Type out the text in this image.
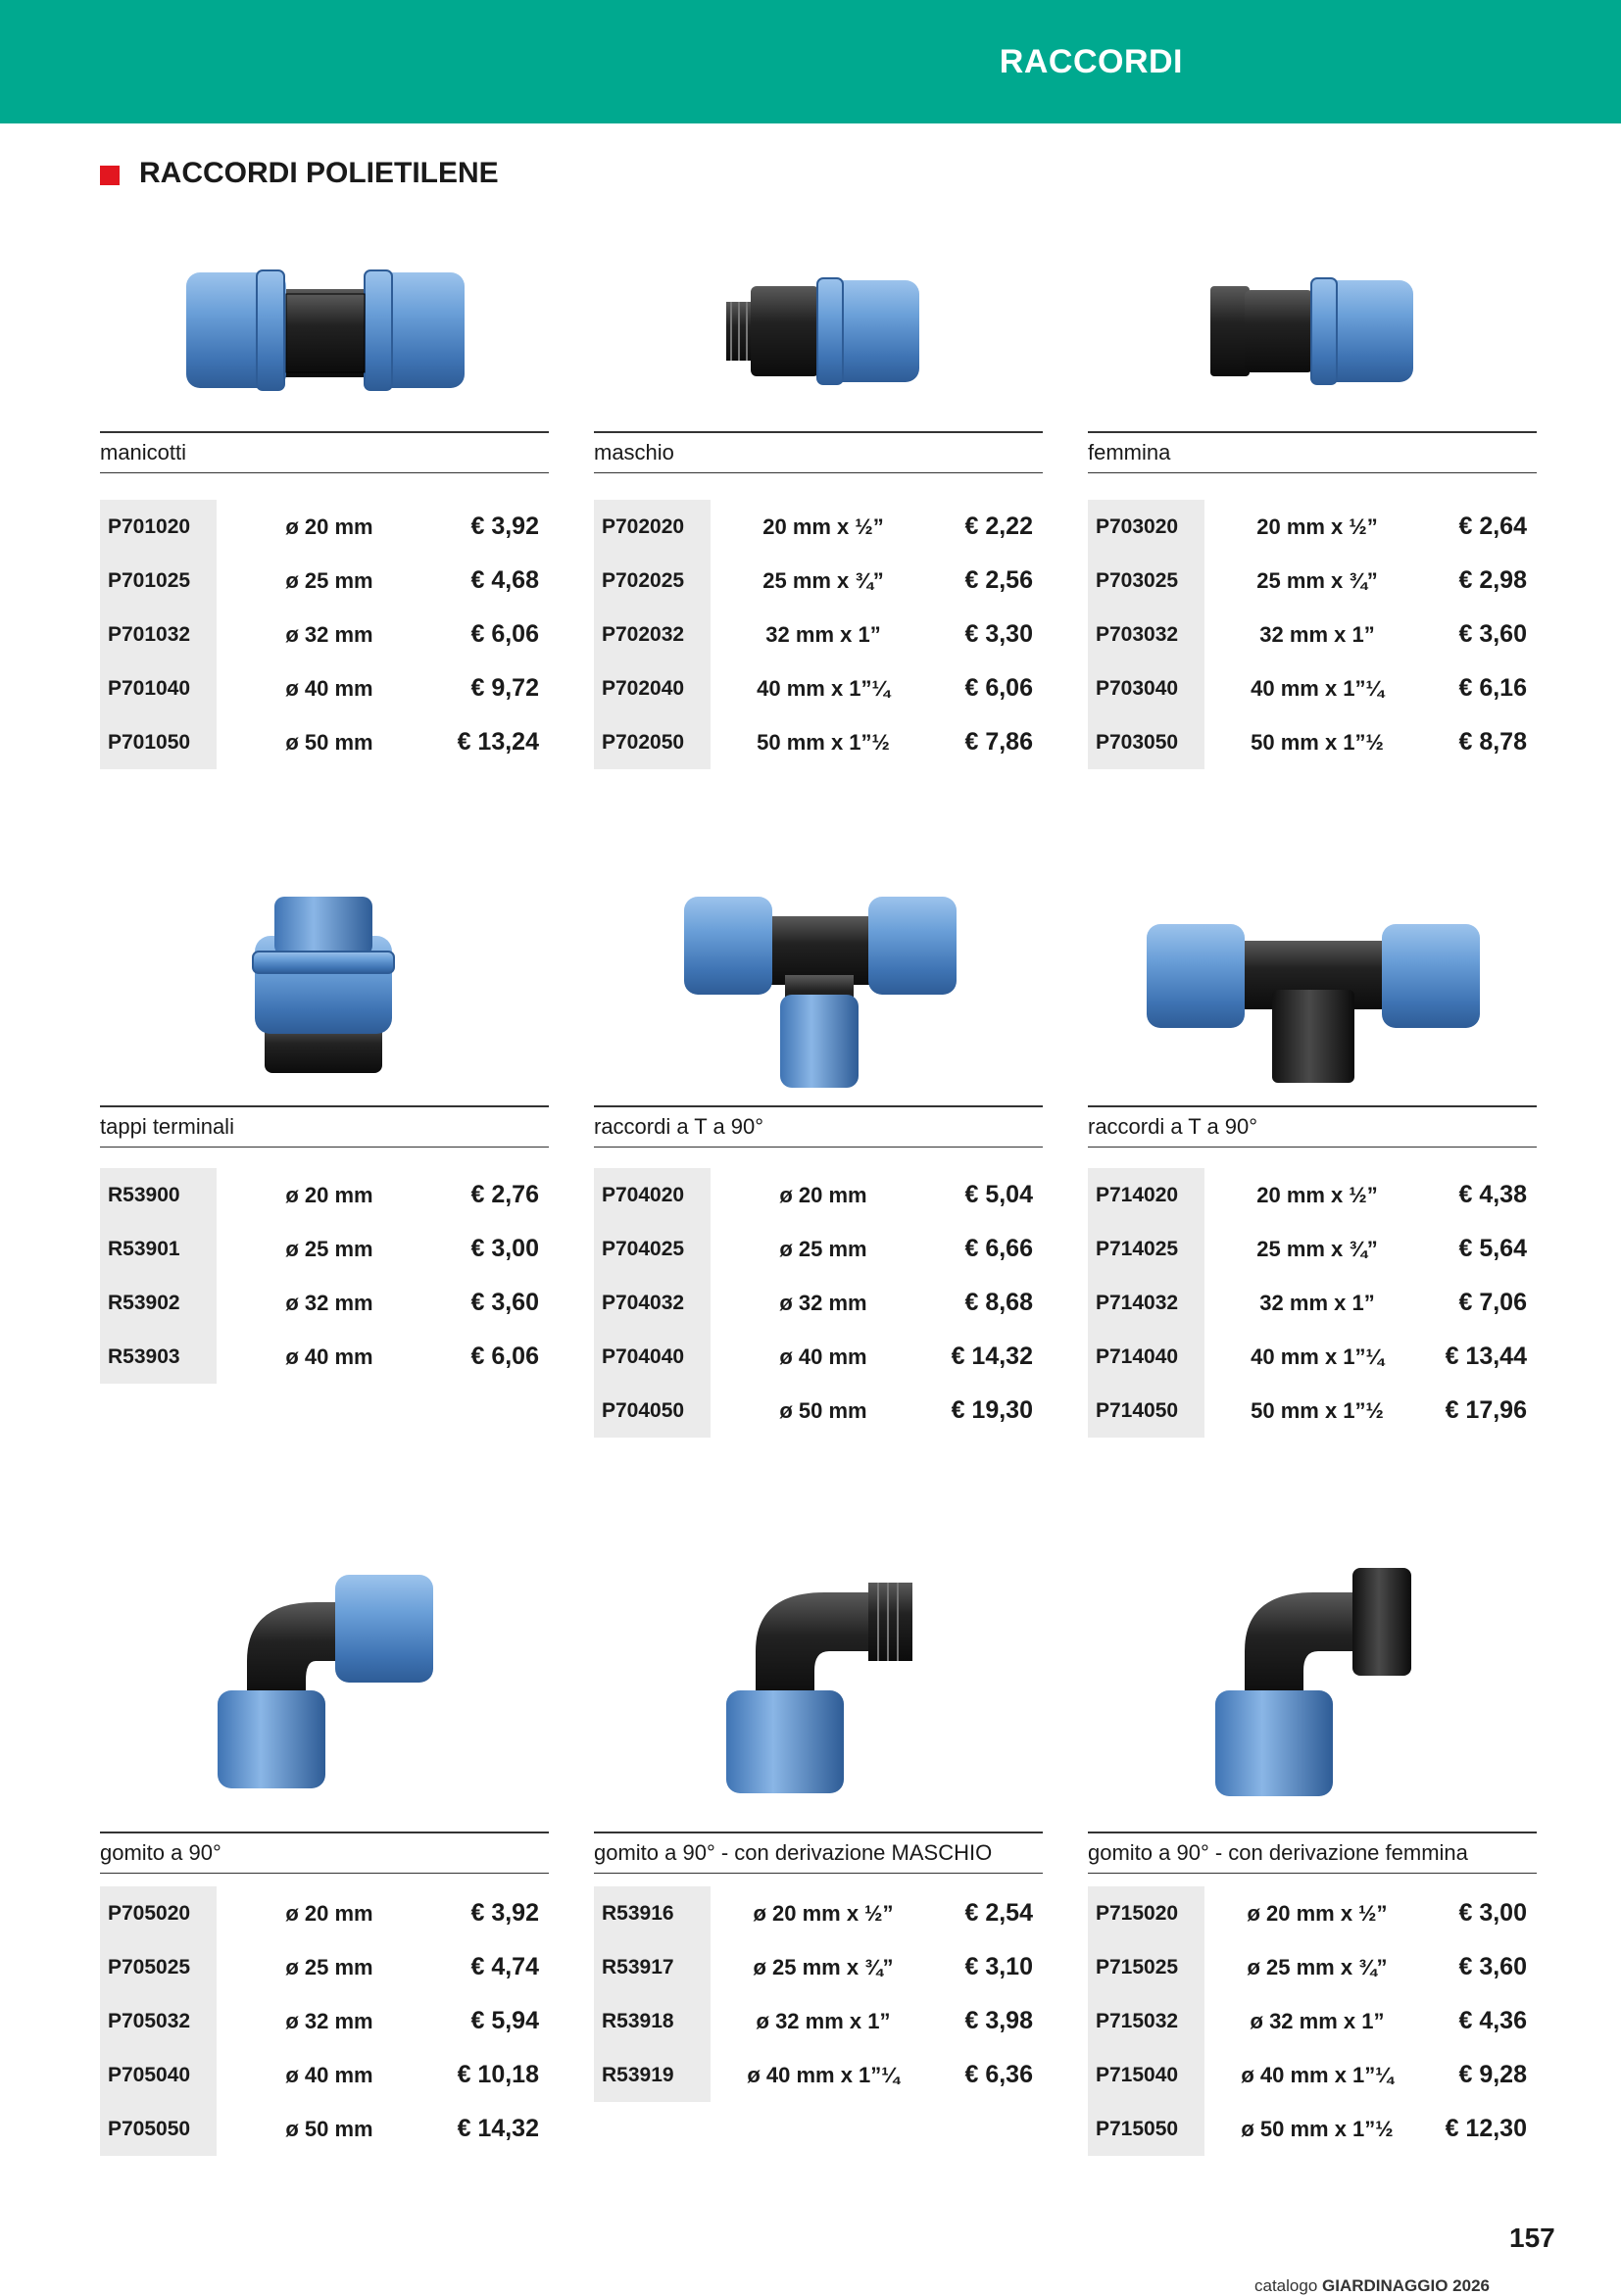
RACCORDI
RACCORDI POLIETILENE
manicotti
P701020	ø 20 mm	€ 3,92
P701025	ø 25 mm	€ 4,68
P701032	ø 32 mm	€ 6,06
P701040	ø 40 mm	€ 9,72
P701050	ø 50 mm	€ 13,24
maschio
P702020	20 mm x ½”	€ 2,22
P702025	25 mm x ¾”	€ 2,56
P702032	32 mm x 1”	€ 3,30
P702040	40 mm x 1”¼	€ 6,06
P702050	50 mm x 1”½	€ 7,86
femmina
P703020	20 mm x ½”	€ 2,64
P703025	25 mm x ¾”	€ 2,98
P703032	32 mm x 1”	€ 3,60
P703040	40 mm x 1”¼	€ 6,16
P703050	50 mm x 1”½	€ 8,78
tappi terminali
R53900	ø 20 mm	€ 2,76
R53901	ø 25 mm	€ 3,00
R53902	ø 32 mm	€ 3,60
R53903	ø 40 mm	€ 6,06
raccordi a T a 90°
P704020	ø 20 mm	€ 5,04
P704025	ø 25 mm	€ 6,66
P704032	ø 32 mm	€ 8,68
P704040	ø 40 mm	€ 14,32
P704050	ø 50 mm	€ 19,30
raccordi a T a 90°
P714020	20 mm x ½”	€ 4,38
P714025	25 mm x ¾”	€ 5,64
P714032	32 mm x 1”	€ 7,06
P714040	40 mm x 1”¼	€ 13,44
P714050	50 mm x 1”½	€ 17,96
gomito a 90°
P705020	ø 20 mm	€ 3,92
P705025	ø 25 mm	€ 4,74
P705032	ø 32 mm	€ 5,94
P705040	ø 40 mm	€ 10,18
P705050	ø 50 mm	€ 14,32
gomito a 90° - con derivazione MASCHIO
R53916	ø 20 mm x ½”	€ 2,54
R53917	ø 25 mm x ¾”	€ 3,10
R53918	ø 32 mm x 1”	€ 3,98
R53919	ø 40 mm x 1”¼	€ 6,36
gomito a 90° - con derivazione femmina
P715020	ø 20 mm x ½”	€ 3,00
P715025	ø 25 mm x ¾”	€ 3,60
P715032	ø 32 mm x 1”	€ 4,36
P715040	ø 40 mm x 1”¼	€ 9,28
P715050	ø 50 mm x 1”½	€ 12,30
catalogo GIARDINAGGIO 2026
157
